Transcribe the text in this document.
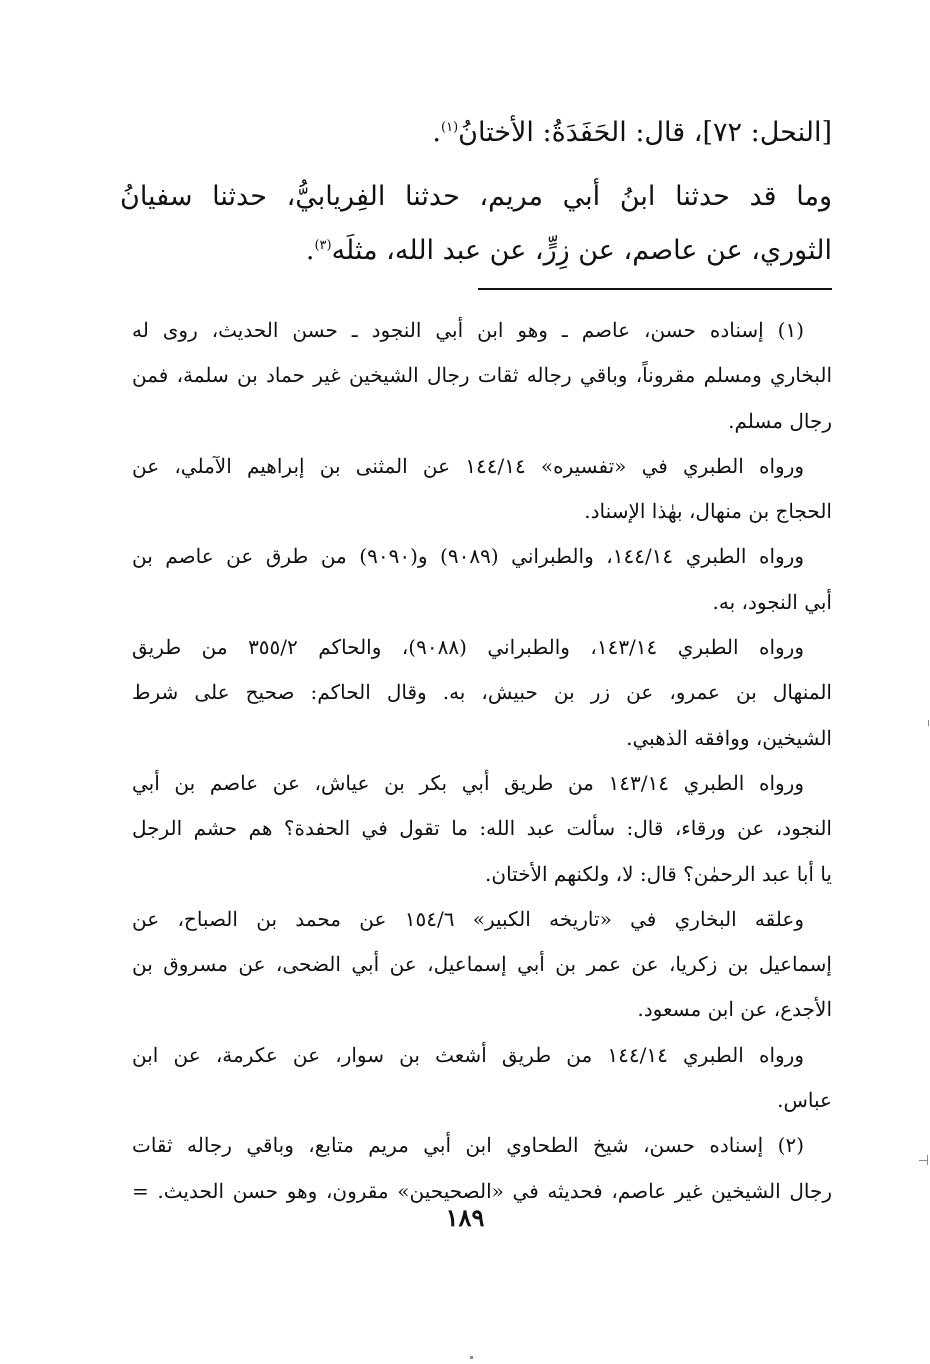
[النحل: ٧٢]، قال: الحَفَدَةُ: الأختانُ$^{(١)}$.
وما قد حدثنا ابنُ أبي مريم، حدثنا الفِريابيُّ، حدثنا سفيانُ
الثوري، عن عاصم، عن زِرٍّ، عن عبد الله، مثلَه$^{(٣)}$.
(١) إسناده حسن، عاصم ـ وهو ابن أبي النجود ـ حسن الحديث، روى له
البخاري ومسلم مقروناً، وباقي رجاله ثقات رجال الشيخين غير حماد بن سلمة، فمن
رجال مسلم.
ورواه الطبري في «تفسيره» ١٤٤/١٤ عن المثنى بن إبراهيم الآملي، عن
الحجاج بن منهال، بهٰذا الإسناد.
ورواه الطبري ١٤٤/١٤، والطبراني (٩٠٨٩) و(٩٠٩٠) من طرق عن عاصم بن
أبي النجود، به.
ورواه الطبري ١٤٣/١٤، والطبراني (٩٠٨٨)، والحاكم ٣٥٥/٢ من طريق
المنهال بن عمرو، عن زر بن حبيش، به. وقال الحاكم: صحيح على شرط
الشيخين، ووافقه الذهبي.
ورواه الطبري ١٤٣/١٤ من طريق أبي بكر بن عياش، عن عاصم بن أبي
النجود، عن ورقاء، قال: سألت عبد الله: ما تقول في الحفدة؟ هم حشم الرجل
يا أبا عبد الرحمٰن؟ قال: لا، ولكنهم الأختان.
وعلقه البخاري في «تاريخه الكبير» ١٥٤/٦ عن محمد بن الصباح، عن
إسماعيل بن زكريا، عن عمر بن أبي إسماعيل، عن أبي الضحى، عن مسروق بن
الأجدع، عن ابن مسعود.
ورواه الطبري ١٤٤/١٤ من طريق أشعث بن سوار، عن عكرمة، عن ابن
عباس.
(٢) إسناده حسن، شيخ الطحاوي ابن أبي مريم متابع، وباقي رجاله ثقات
رجال الشيخين غير عاصم، فحديثه في «الصحيحين» مقرون، وهو حسن الحديث. =
١٨٩
